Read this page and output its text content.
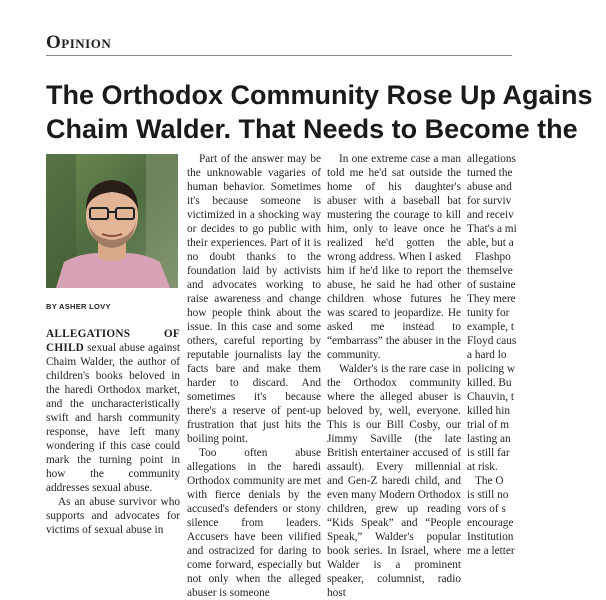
Opinion
The Orthodox Community Rose Up Agains
Chaim Walder. That Needs to Become the
BY ASHER LOVY

ALLEGATIONS OF CHILD sexual abuse against Chaim Walder, the author of children's books beloved in the haredi Orthodox market, and the uncharacteristically swift and harsh community response, have left many wondering if this case could mark the turning point in how the community addresses sexual abuse.

As an abuse survivor who supports and advocates for victims of sexual abuse in

Part of the answer may be the unknowable vagaries of human behavior. Sometimes it's because someone is victimized in a shocking way or decides to go public with their experiences. Part of it is no doubt thanks to the foundation laid by activists and advocates working to raise awareness and change how people think about the issue. In this case and some others, careful reporting by reputable journalists lay the facts bare and make them harder to discard. And sometimes it's because there's a reserve of pent-up frustration that just hits the boiling point.

Too often abuse allegations in the haredi Orthodox community are met with fierce denials by the accused's defenders or stony silence from leaders. Accusers have been vilified and ostracized for daring to come forward, especially but not only when the alleged abuser is someone

In one extreme case a man told me he'd sat outside the home of his daughter's abuser with a baseball bat mustering the courage to kill him, only to leave once he realized he'd gotten the wrong address. When I asked him if he'd like to report the abuse, he said he had other children whose futures he was scared to jeopardize. He asked me instead to “embarrass” the abuser in the community.

Walder's is the rare case in the Orthodox community where the alleged abuser is beloved by, well, everyone. This is our Bill Cosby, our Jimmy Saville (the late British entertainer accused of assault). Every millennial and Gen-Z haredi child, and even many Modern Orthodox children, grew up reading “Kids Speak” and “People Speak,” Walder's popular book series. In Israel, where Walder is a prominent speaker, columnist, radio host

allegations

turned the

abuse and

for surviv

and receiv

That's a mi

able, but a

Flashpo

themselve

of sustaine

They mere

tunity for

example, t

Floyd caus

a hard lo

policing w

killed. Bu

Chauvin, t

killed hin

trial of m

lasting an

is still far

at risk.

The O

is still no

vors of s

encourage

Institution

me a letter
